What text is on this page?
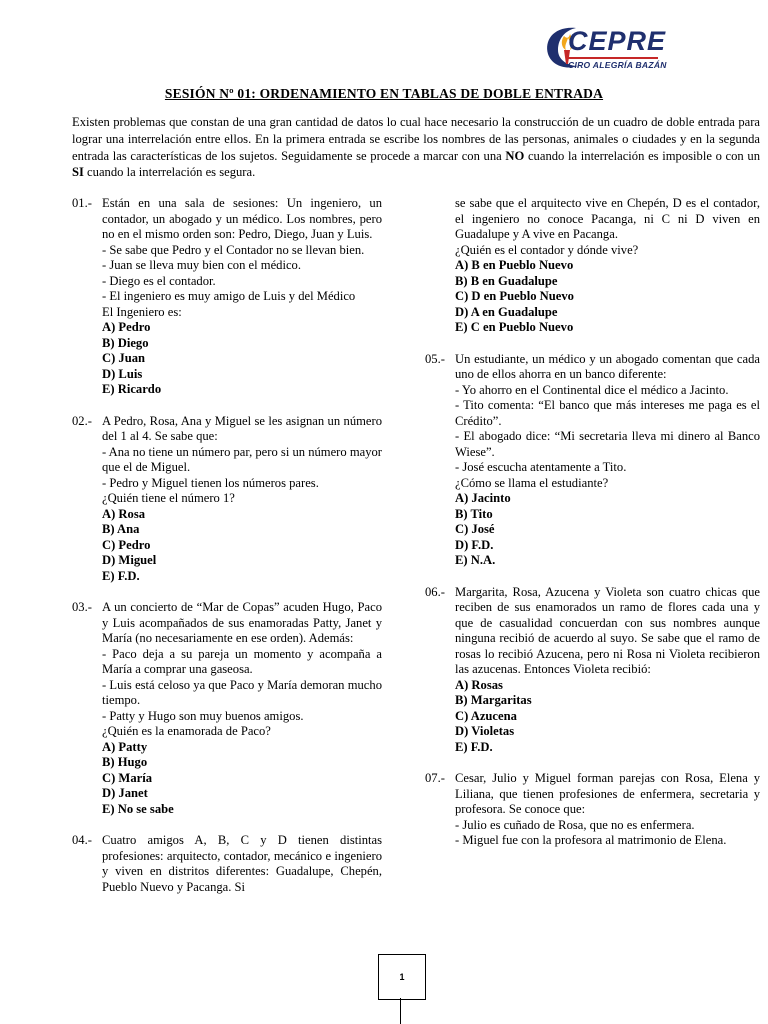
CEPRE
CIRO ALEGRÍA BAZÁN
SESIÓN Nº 01: ORDENAMIENTO EN TABLAS DE DOBLE ENTRADA
Existen problemas que constan de una gran cantidad de datos lo cual hace necesario la construcción de un cuadro de doble entrada para lograr una interrelación entre ellos. En la primera entrada se escribe los nombres de las personas, animales o ciudades y en la segunda entrada las características de los sujetos. Seguidamente se procede a marcar con una NO cuando la interrelación es imposible o con un SI cuando la interrelación es segura.
01.- Están en una sala de sesiones: Un ingeniero, un contador, un abogado y un médico. Los nombres, pero no en el mismo orden son: Pedro, Diego, Juan y Luis.

- Se sabe que Pedro y el Contador no se llevan bien.

- Juan se lleva muy bien con el médico.

- Diego es el contador.

- El ingeniero es muy amigo de Luis y del Médico

El Ingeniero es:

A) Pedro

B) Diego

C) Juan

D) Luis

E) Ricardo

02.- A Pedro, Rosa, Ana y Miguel se les asignan un número del 1 al 4. Se sabe que:

- Ana no tiene un número par, pero si un número mayor que el de Miguel.

- Pedro y Miguel tienen los números pares.

¿Quién tiene el número 1?

A) Rosa

B) Ana

C) Pedro

D) Miguel

E) F.D.

03.- A un concierto de “Mar de Copas” acuden Hugo, Paco y Luis acompañados de sus enamoradas Patty, Janet y María (no necesariamente en ese orden). Además:

- Paco deja a su pareja un momento y acompaña a María a comprar una gaseosa.

- Luis está celoso ya que Paco y María demoran mucho tiempo.

- Patty y Hugo son muy buenos amigos.

¿Quién es la enamorada de Paco?

A) Patty

B) Hugo

C) María

D) Janet

E) No se sabe

04.- Cuatro amigos A, B, C y D tienen distintas profesiones: arquitecto, contador, mecánico e ingeniero y viven en distritos diferentes: Guadalupe, Chepén, Pueblo Nuevo y Pacanga. Si

se sabe que el arquitecto vive en Chepén, D es el contador, el ingeniero no conoce Pacanga, ni C ni D viven en Guadalupe y A vive en Pacanga.

¿Quién es el contador y dónde vive?

A) B en Pueblo Nuevo

B) B en Guadalupe

C) D en Pueblo Nuevo

D) A en Guadalupe

E) C en Pueblo Nuevo

05.- Un estudiante, un médico y un abogado comentan que cada uno de ellos ahorra en un banco diferente:

- Yo ahorro en el Continental dice el médico a Jacinto.

- Tito comenta: “El banco que más intereses me paga es el Crédito”.

- El abogado dice: “Mi secretaria lleva mi dinero al Banco Wiese”.

- José escucha atentamente a Tito.

¿Cómo se llama el estudiante?

A) Jacinto

B) Tito

C) José

D) F.D.

E) N.A.

06.- Margarita, Rosa, Azucena y Violeta son cuatro chicas que reciben de sus enamorados un ramo de flores cada una y que de casualidad concuerdan con sus nombres aunque ninguna recibió de acuerdo al suyo. Se sabe que el ramo de rosas lo recibió Azucena, pero ni Rosa ni Violeta recibieron las azucenas. Entonces Violeta recibió:

A) Rosas

B) Margaritas

C) Azucena

D) Violetas

E) F.D.

07.- Cesar, Julio y Miguel forman parejas con Rosa, Elena y Liliana, que tienen profesiones de enfermera, secretaria y profesora. Se conoce que:

- Julio es cuñado de Rosa, que no es enfermera.

- Miguel fue con la profesora al matrimonio de Elena.

1
